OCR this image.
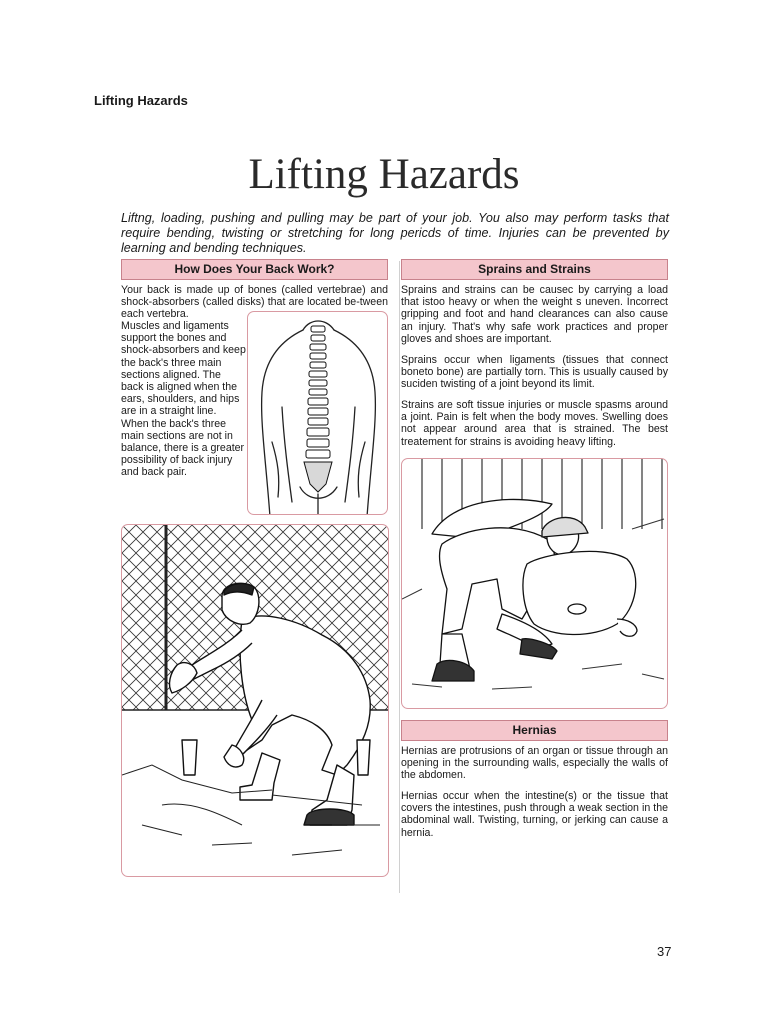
Lifting Hazards
Lifting Hazards
Liftng, loading, pushing and pulling may be part of your job. You also may perform tasks that require bending, twisting or stretching for long pericds of time. Injuries can be prevented by learning and bending techniques.
How Does Your Back Work?	Sprains and Strains
Your back is made up of bones (called vertebrae) and shock-absorbers (called disks) that are located be-tween each vertebra.
Muscles and ligaments support the bones and shock-absorbers and keep the back's three main sections aligned. The back is aligned when the ears, shoulders, and hips are in a straight line. When the back's three main sections are not in balance, there is a greater possibility of back injury and back pair.
Sprains and strains can be causec by carrying a load that istoo heavy or when the weight s uneven. Incorrect gripping and foot and hand clearances can also cause an injury. That's why safe work practices and proper gloves and shoes are important.
Sprains occur when ligaments (tissues that connect boneto bone) are partially torn. This is usually caused by suciden twisting of a joint beyond its limit.
Strains are soft tissue injuries or muscle spasms around a joint. Pain is felt when the body moves. Swelling does not appear around area that is strained. The best treatement for strains is avoiding heavy lifting.
Hernias
Hernias are protrusions of an organ or tissue through an opening in the surrounding walls, especially the walls of the abdomen.
Hernias occur when the intestine(s) or the tissue that covers the intestines, push through a weak section in the abdominal wall. Twisting, turning, or jerking can cause a hernia.
37
